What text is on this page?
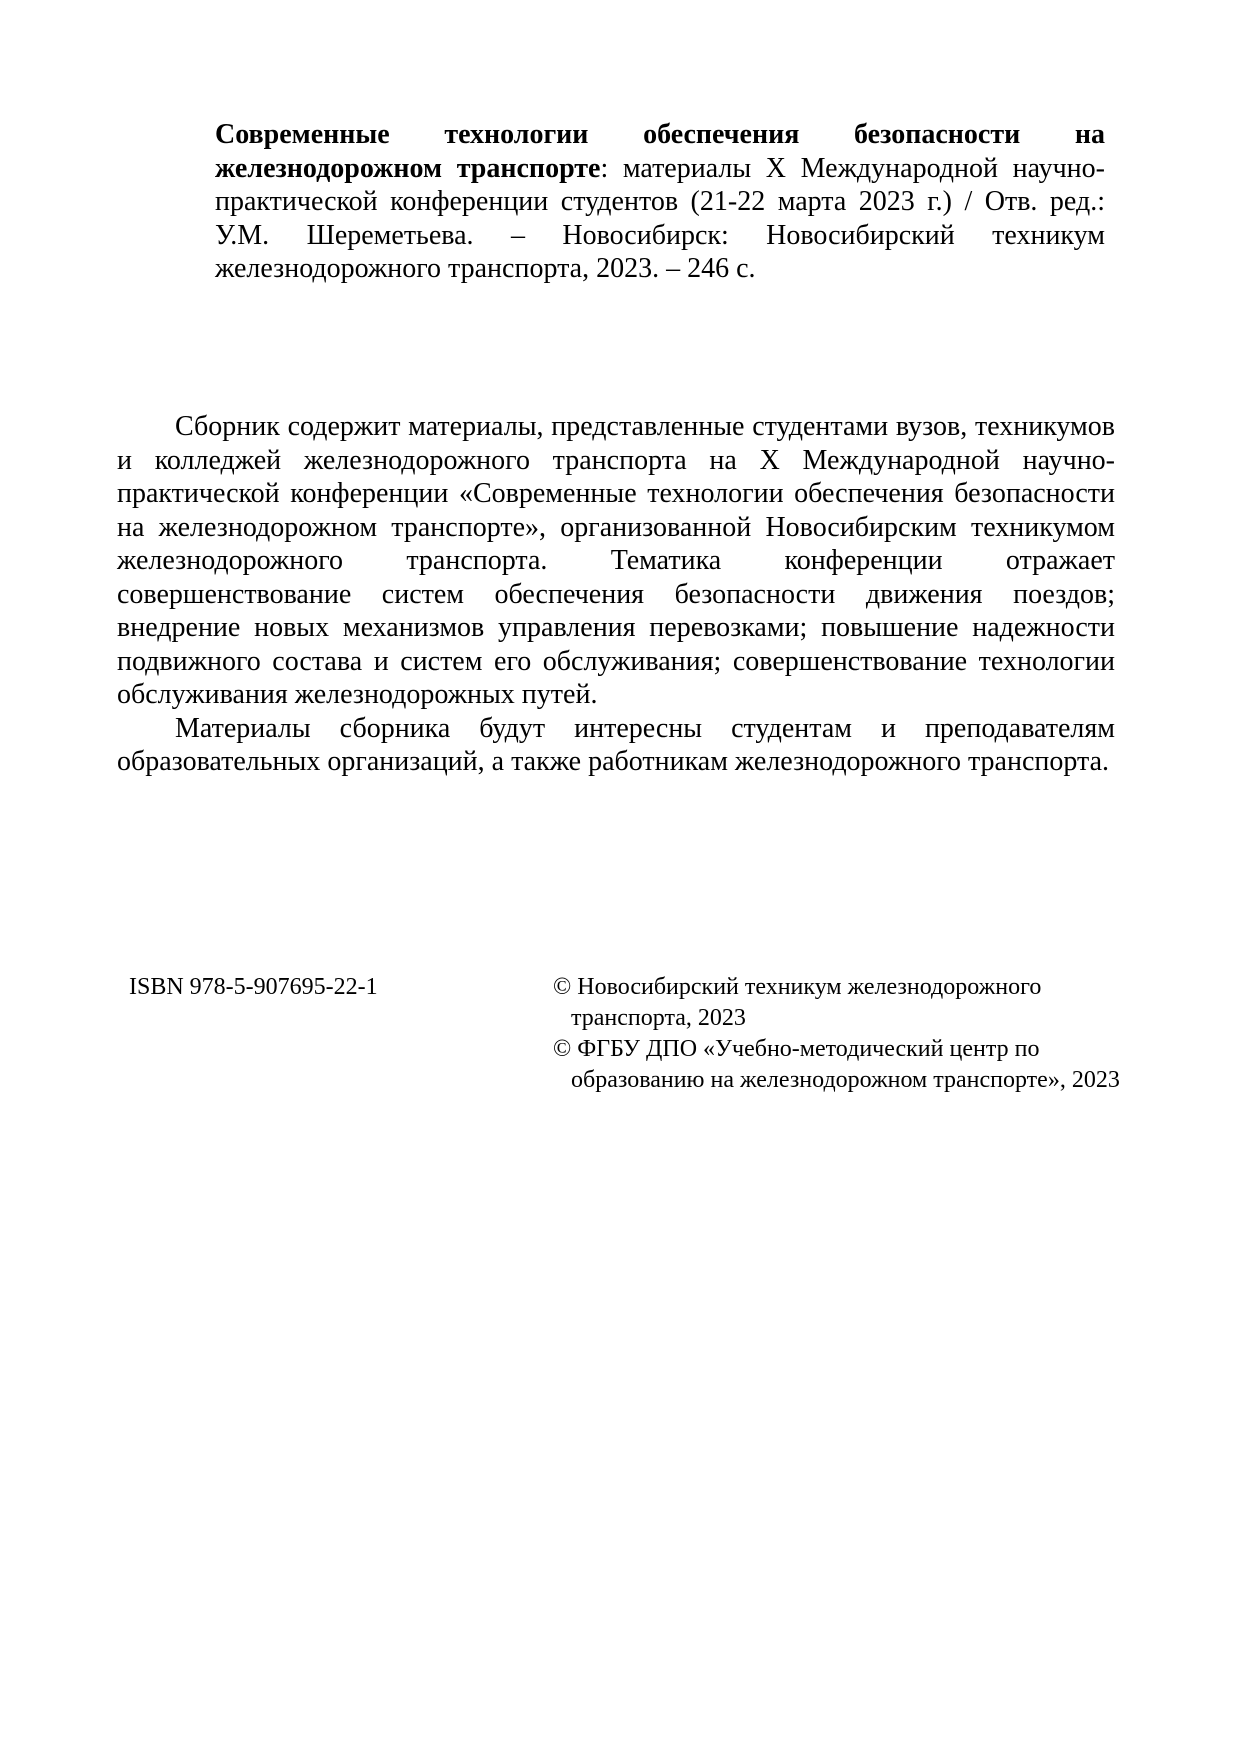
Современные технологии обеспечения безопасности на железнодорожном транспорте: материалы X Международной научно-практической конференции студентов (21-22 марта 2023 г.) / Отв. ред.: У.М. Шереметьева. – Новосибирск: Новосибирский техникум железнодорожного транспорта, 2023. – 246 с.

Сборник содержит материалы, представленные студентами вузов, техникумов и колледжей железнодорожного транспорта на X Международной научно-практической конференции «Современные технологии обеспечения безопасности на железнодорожном транспорте», организованной Новосибирским техникумом железнодорожного транспорта. Тематика конференции отражает совершенствование систем обеспечения безопасности движения поездов; внедрение новых механизмов управления перевозками; повышение надежности подвижного состава и систем его обслуживания; совершенствование технологии обслуживания железнодорожных путей.

Материалы сборника будут интересны студентам и преподавателям образовательных организаций, а также работникам железнодорожного транспорта.

ISBN 978-5-907695-22-1	© Новосибирский техникум железнодорожного транспорта, 2023
© ФГБУ ДПО «Учебно-методический центр по образованию на железнодорожном транспорте», 2023
